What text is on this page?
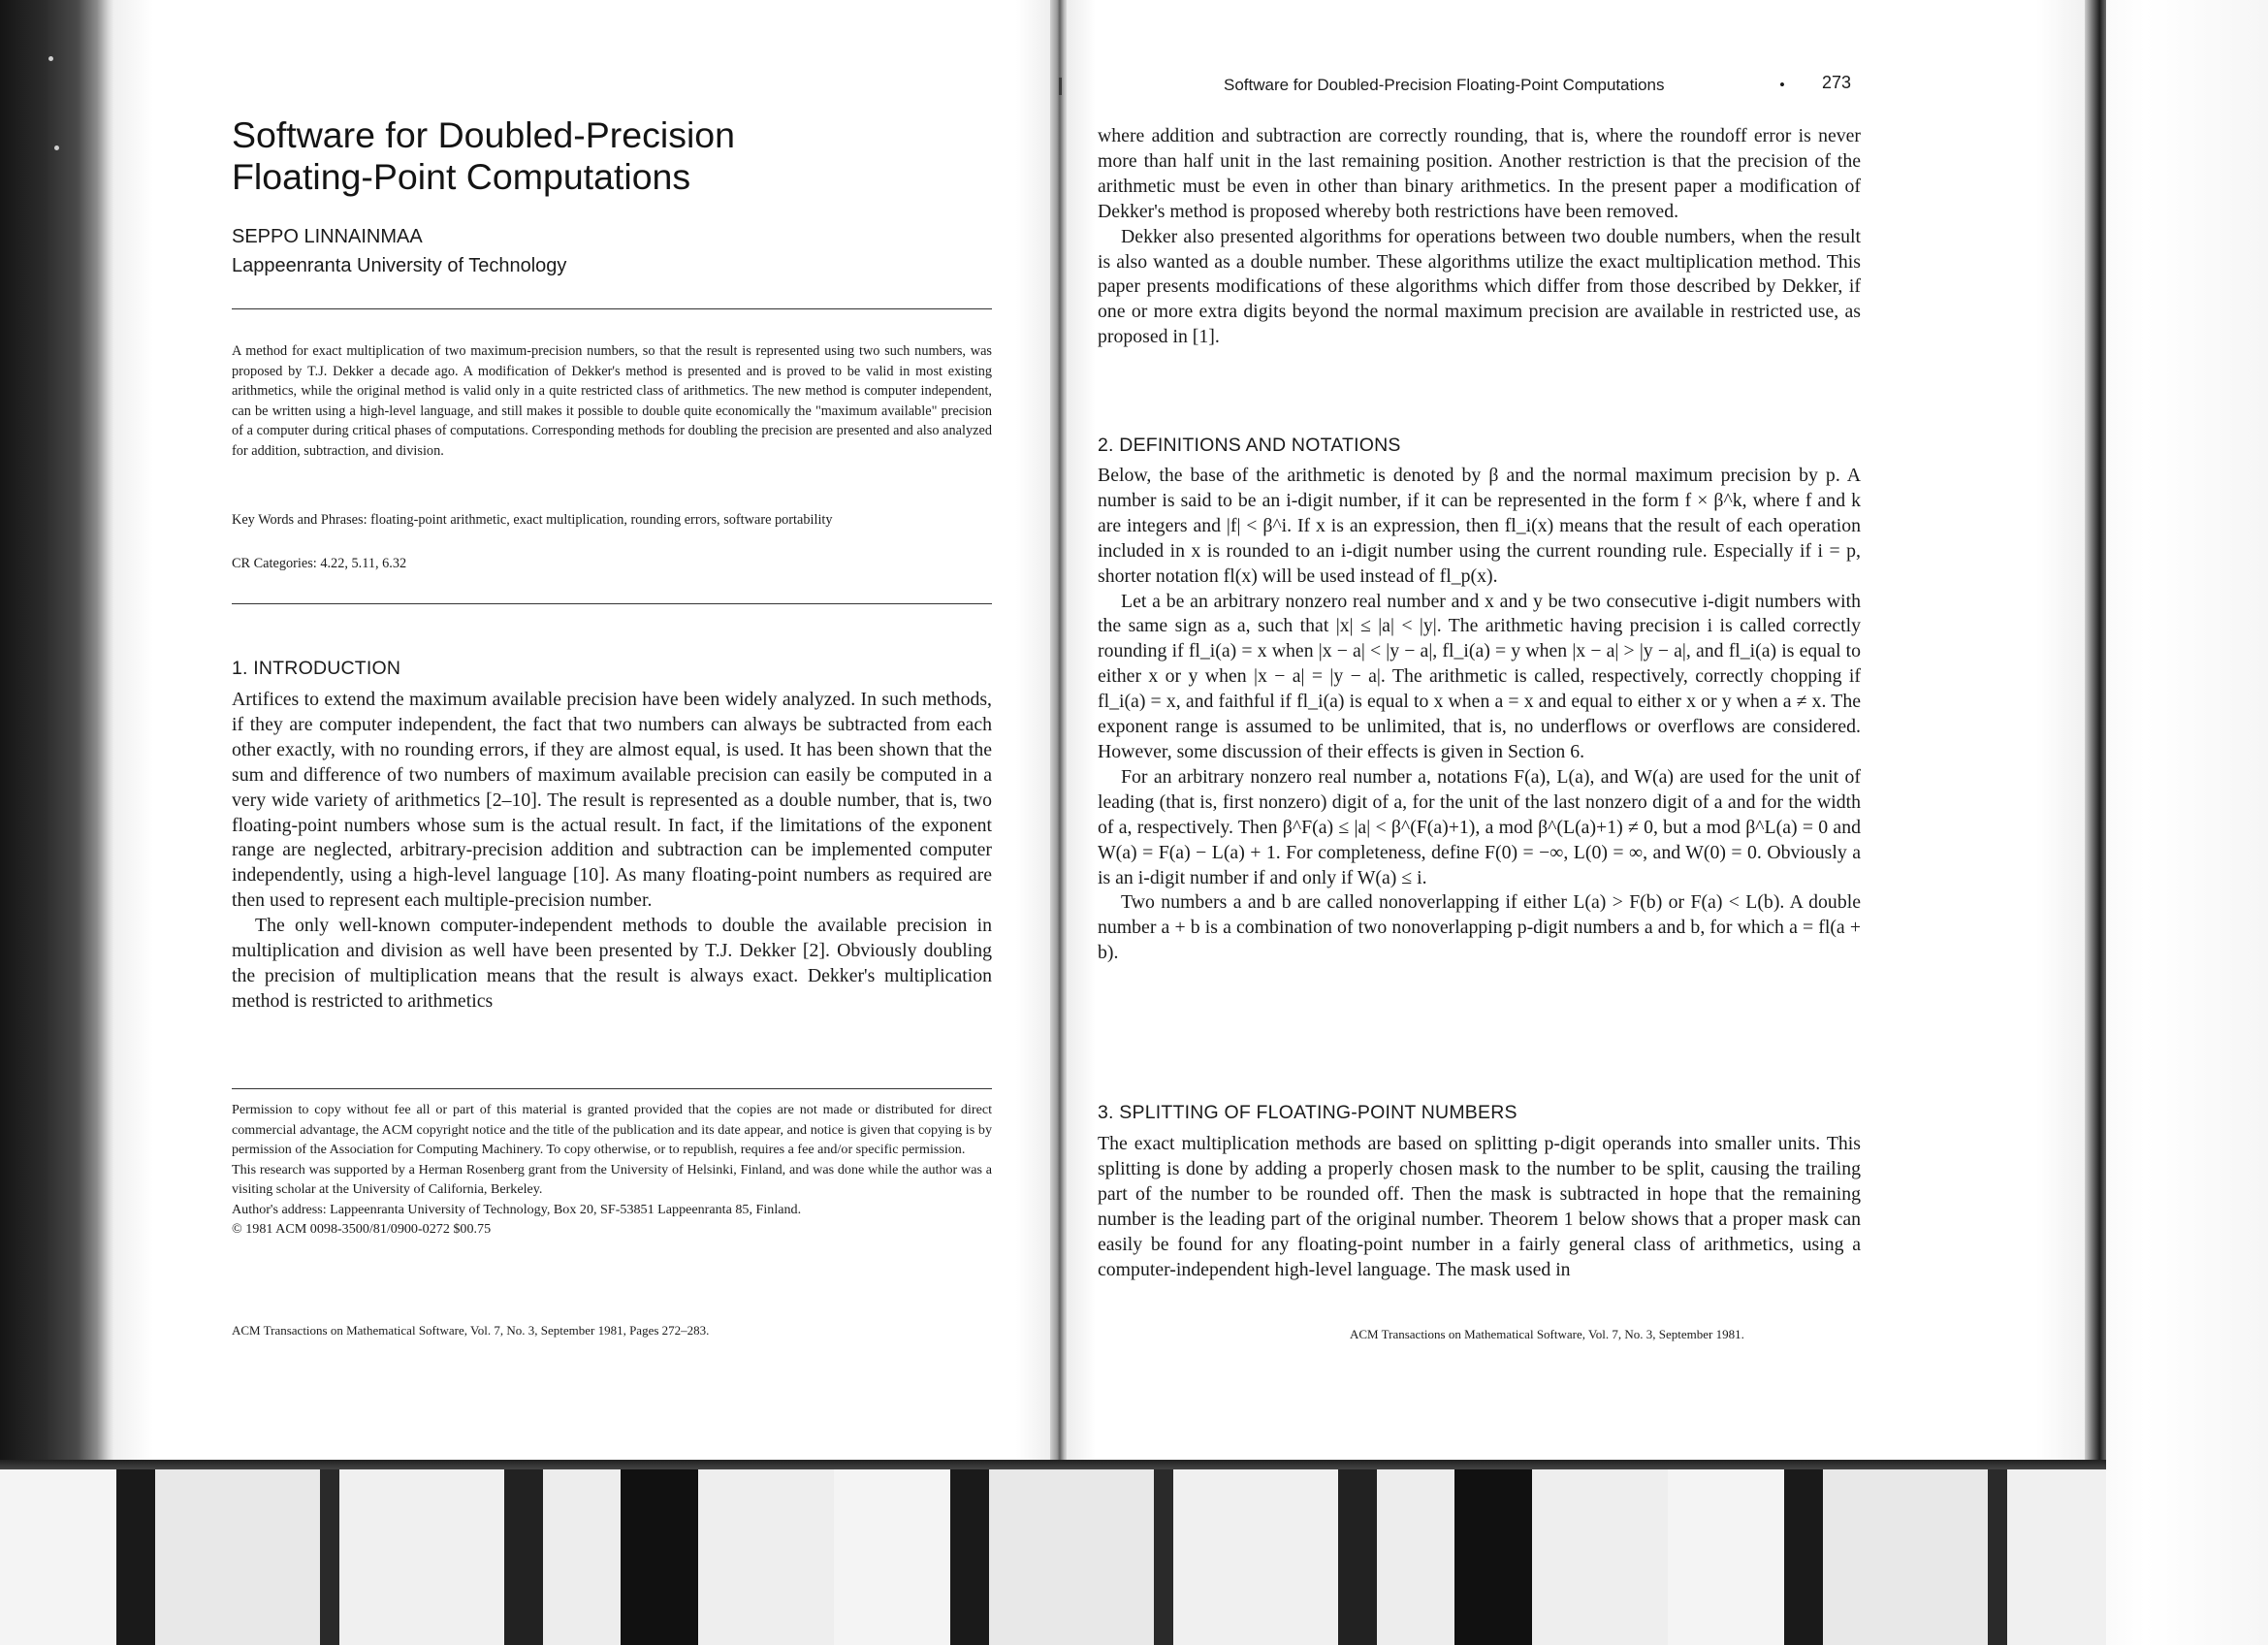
Software for Doubled-Precision
Floating-Point Computations
SEPPO LINNAINMAA
Lappeenranta University of Technology
A method for exact multiplication of two maximum-precision numbers, so that the result is represented using two such numbers, was proposed by T.J. Dekker a decade ago. A modification of Dekker's method is presented and is proved to be valid in most existing arithmetics, while the original method is valid only in a quite restricted class of arithmetics. The new method is computer independent, can be written using a high-level language, and still makes it possible to double quite economically the "maximum available" precision of a computer during critical phases of computations. Corresponding methods for doubling the precision are presented and also analyzed for addition, subtraction, and division.
Key Words and Phrases: floating-point arithmetic, exact multiplication, rounding errors, software portability
CR Categories: 4.22, 5.11, 6.32
1. INTRODUCTION

Artifices to extend the maximum available precision have been widely analyzed. In such methods, if they are computer independent, the fact that two numbers can always be subtracted from each other exactly, with no rounding errors, if they are almost equal, is used. It has been shown that the sum and difference of two numbers of maximum available precision can easily be computed in a very wide variety of arithmetics [2–10]. The result is represented as a double number, that is, two floating-point numbers whose sum is the actual result. In fact, if the limitations of the exponent range are neglected, arbitrary-precision addition and subtraction can be implemented computer independently, using a high-level language [10]. As many floating-point numbers as required are then used to represent each multiple-precision number.

The only well-known computer-independent methods to double the available precision in multiplication and division as well have been presented by T.J. Dekker [2]. Obviously doubling the precision of multiplication means that the result is always exact. Dekker's multiplication method is restricted to arithmetics

Permission to copy without fee all or part of this material is granted provided that the copies are not made or distributed for direct commercial advantage, the ACM copyright notice and the title of the publication and its date appear, and notice is given that copying is by permission of the Association for Computing Machinery. To copy otherwise, or to republish, requires a fee and/or specific permission.
This research was supported by a Herman Rosenberg grant from the University of Helsinki, Finland, and was done while the author was a visiting scholar at the University of California, Berkeley.
Author's address: Lappeenranta University of Technology, Box 20, SF-53851 Lappeenranta 85, Finland.
© 1981 ACM 0098-3500/81/0900-0272 $00.75
ACM Transactions on Mathematical Software, Vol. 7, No. 3, September 1981, Pages 272–283.
Software for Doubled-Precision Floating-Point Computations	• 273

where addition and subtraction are correctly rounding, that is, where the roundoff error is never more than half unit in the last remaining position. Another restriction is that the precision of the arithmetic must be even in other than binary arithmetics. In the present paper a modification of Dekker's method is proposed whereby both restrictions have been removed.

Dekker also presented algorithms for operations between two double numbers, when the result is also wanted as a double number. These algorithms utilize the exact multiplication method. This paper presents modifications of these algorithms which differ from those described by Dekker, if one or more extra digits beyond the normal maximum precision are available in restricted use, as proposed in [1].

2. DEFINITIONS AND NOTATIONS

Below, the base of the arithmetic is denoted by β and the normal maximum precision by p. A number is said to be an i-digit number, if it can be represented in the form f × β^k, where f and k are integers and |f| < β^i. If x is an expression, then fl_i(x) means that the result of each operation included in x is rounded to an i-digit number using the current rounding rule. Especially if i = p, shorter notation fl(x) will be used instead of fl_p(x).

Let a be an arbitrary nonzero real number and x and y be two consecutive i-digit numbers with the same sign as a, such that |x| ≤ |a| < |y|. The arithmetic having precision i is called correctly rounding if fl_i(a) = x when |x − a| < |y − a|, fl_i(a) = y when |x − a| > |y − a|, and fl_i(a) is equal to either x or y when |x − a| = |y − a|. The arithmetic is called, respectively, correctly chopping if fl_i(a) = x, and faithful if fl_i(a) is equal to x when a = x and equal to either x or y when a ≠ x. The exponent range is assumed to be unlimited, that is, no underflows or overflows are considered. However, some discussion of their effects is given in Section 6.

For an arbitrary nonzero real number a, notations F(a), L(a), and W(a) are used for the unit of leading (that is, first nonzero) digit of a, for the unit of the last nonzero digit of a and for the width of a, respectively. Then β^F(a) ≤ |a| < β^(F(a)+1), a mod β^(L(a)+1) ≠ 0, but a mod β^L(a) = 0 and W(a) = F(a) − L(a) + 1. For completeness, define F(0) = −∞, L(0) = ∞, and W(0) = 0. Obviously a is an i-digit number if and only if W(a) ≤ i.

Two numbers a and b are called nonoverlapping if either L(a) > F(b) or F(a) < L(b). A double number a + b is a combination of two nonoverlapping p-digit numbers a and b, for which a = fl(a + b).

3. SPLITTING OF FLOATING-POINT NUMBERS

The exact multiplication methods are based on splitting p-digit operands into smaller units. This splitting is done by adding a properly chosen mask to the number to be split, causing the trailing part of the number to be rounded off. Then the mask is subtracted in hope that the remaining number is the leading part of the original number. Theorem 1 below shows that a proper mask can easily be found for any floating-point number in a fairly general class of arithmetics, using a computer-independent high-level language. The mask used in

ACM Transactions on Mathematical Software, Vol. 7, No. 3, September 1981.
